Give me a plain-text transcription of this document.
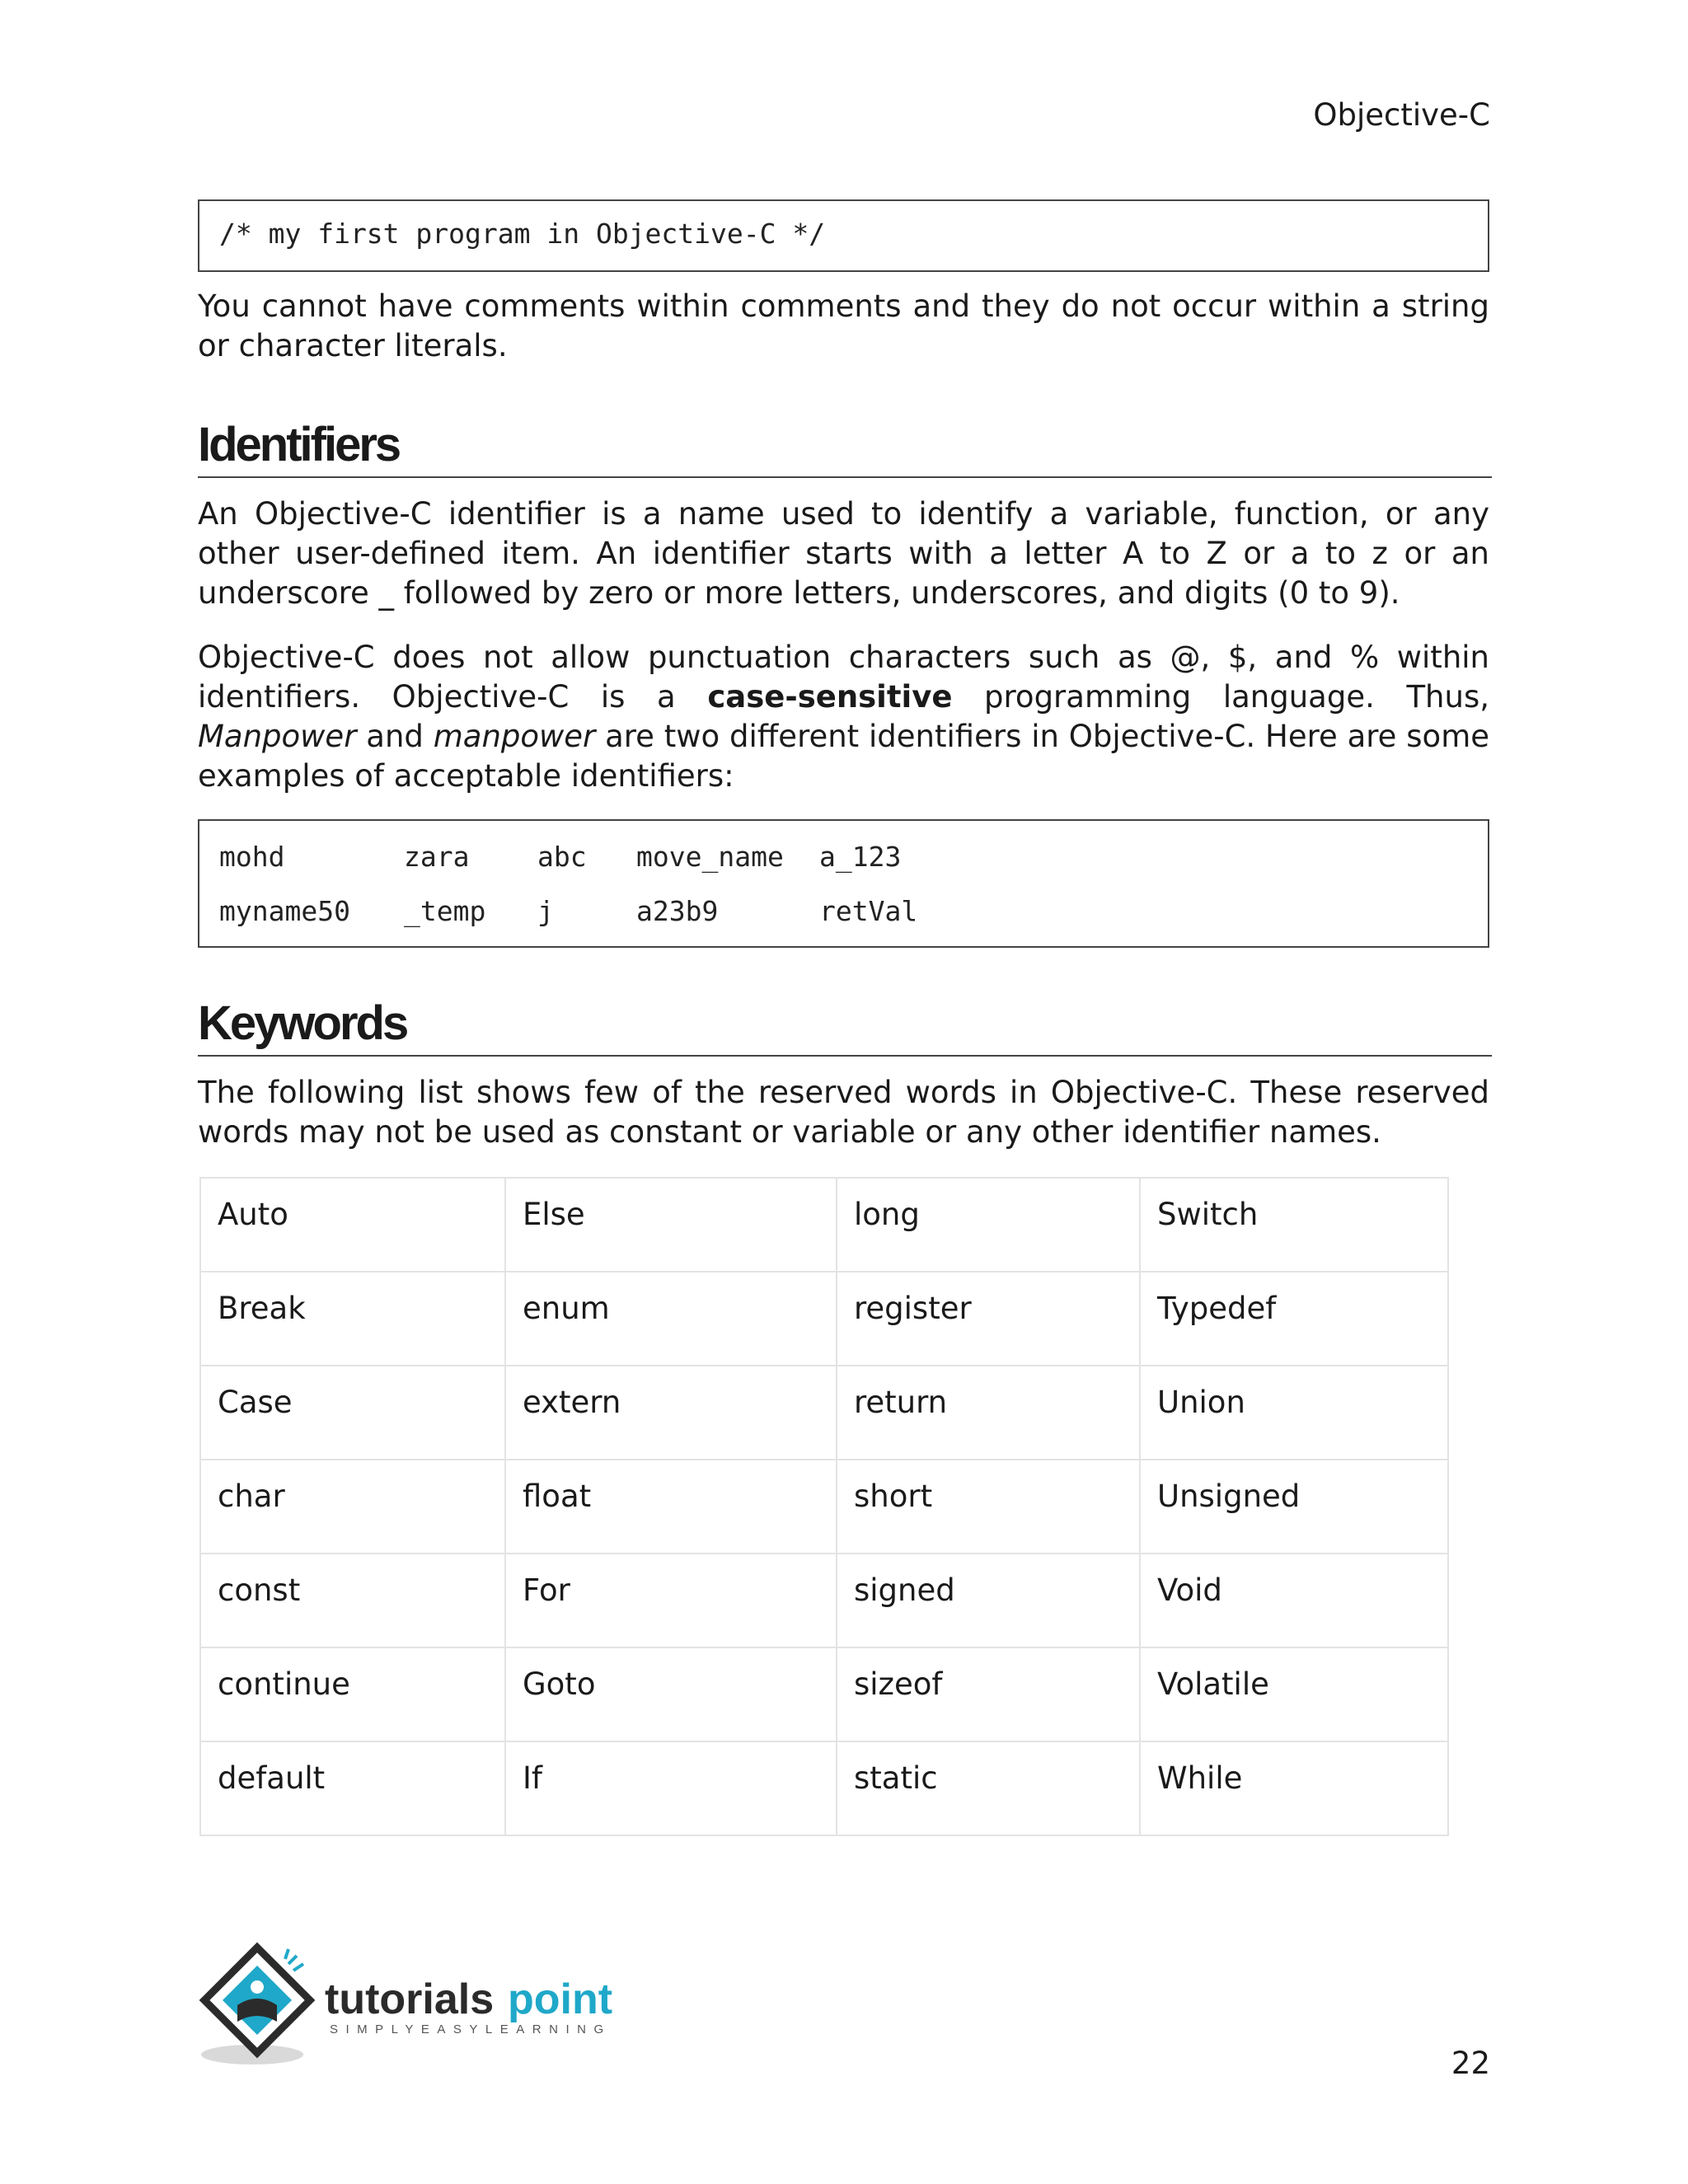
Objective-C
/* my first program in Objective-C */
You cannot have comments within comments and they do not occur within a string or character literals.
Identifiers
An Objective-C identifier is a name used to identify a variable, function, or any other user-defined item. An identifier starts with a letter A to Z or a to z or an underscore _ followed by zero or more letters, underscores, and digits (0 to 9).
Objective-C does not allow punctuation characters such as @, $, and % within identifiers. Objective-C is a case-sensitive programming language. Thus, Manpower and manpower are two different identifiers in Objective-C. Here are some examples of acceptable identifiers:
mohd	zara	abc	move_name	a_123
myname50	_temp	j	a23b9	retVal
Keywords
The following list shows few of the reserved words in Objective-C. These reserved words may not be used as constant or variable or any other identifier names.
Auto	Else	long	Switch
Break	enum	register	Typedef
Case	extern	return	Union
char	float	short	Unsigned
const	For	signed	Void
continue	Goto	sizeof	Volatile
default	If	static	While
tutorials point
SIMPLYEASYLEARNING
22
